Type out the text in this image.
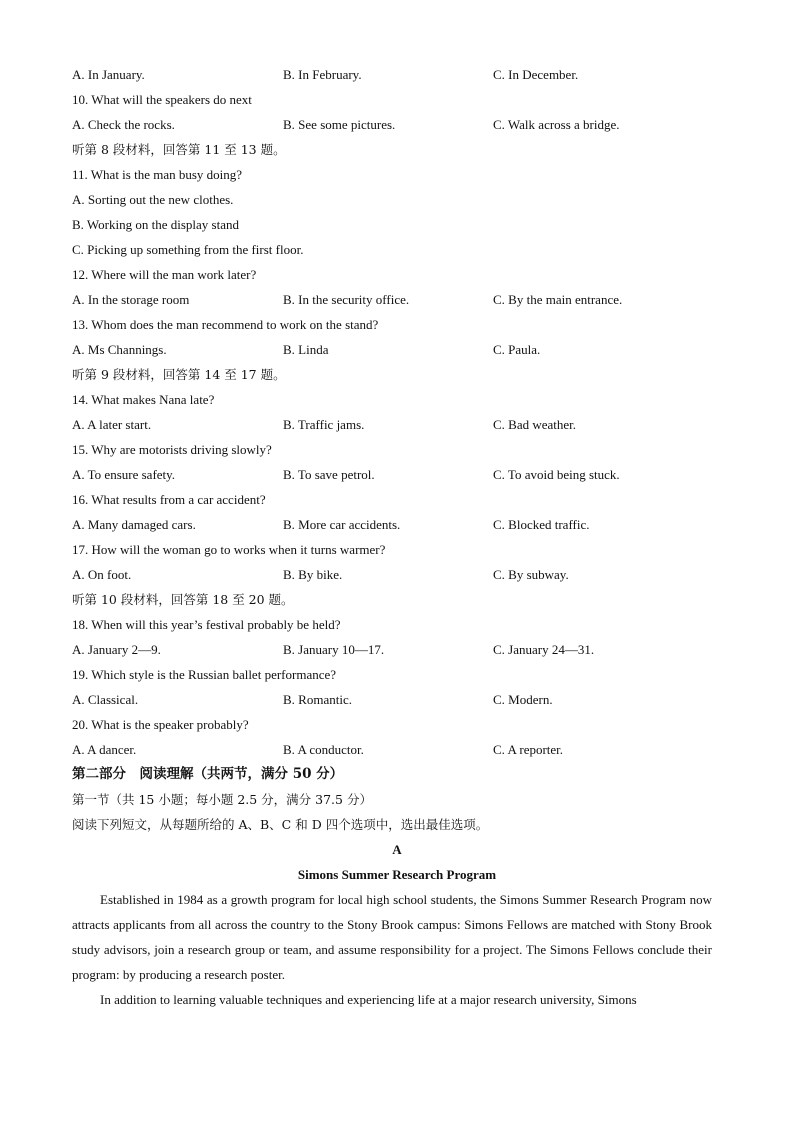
A. In January.	B. In February.	C. In December.
10. What will the speakers do next
A. Check the rocks.	B. See some pictures.	C. Walk across a bridge.
听第 8 段材料，回答第 11 至 13 题。
11. What is the man busy doing?
A. Sorting out the new clothes.
B. Working on the display stand
C. Picking up something from the first floor.
12. Where will the man work later?
A. In the storage room	B. In the security office.	C. By the main entrance.
13. Whom does the man recommend to work on the stand?
A. Ms Channings.	B. Linda	C. Paula.
听第 9 段材料，回答第 14 至 17 题。
14. What makes Nana late?
A. A later start.	B. Traffic jams.	C. Bad weather.
15. Why are motorists driving slowly?
A. To ensure safety.	B. To save petrol.	C. To avoid being stuck.
16. What results from a car accident?
A. Many damaged cars.	B. More car accidents.	C. Blocked traffic.
17. How will the woman go to works when it turns warmer?
A. On foot.	B. By bike.	C. By subway.
听第 10 段材料，回答第 18 至 20 题。
18. When will this year’s festival probably be held?
A. January 2—9.	B. January 10—17.	C. January 24—31.
19. Which style is the Russian ballet performance?
A. Classical.	B. Romantic.	C. Modern.
20. What is the speaker probably?
A. A dancer.	B. A conductor.	C. A reporter.
第二部分　阅读理解（共两节，满分 50 分）
第一节（共 15 小题；每小题 2.5 分，满分 37.5 分）
阅读下列短文，从每题所给的 A、B、C 和 D 四个选项中，选出最佳选项。
A
Simons Summer Research Program

Established in 1984 as a growth program for local high school students, the Simons Summer Research Program now attracts applicants from all across the country to the Stony Brook campus: Simons Fellows are matched with Stony Brook study advisors, join a research group or team, and assume responsibility for a project. The Simons Fellows conclude their program: by producing a research poster.

In addition to learning valuable techniques and experiencing life at a major research university, Simons
